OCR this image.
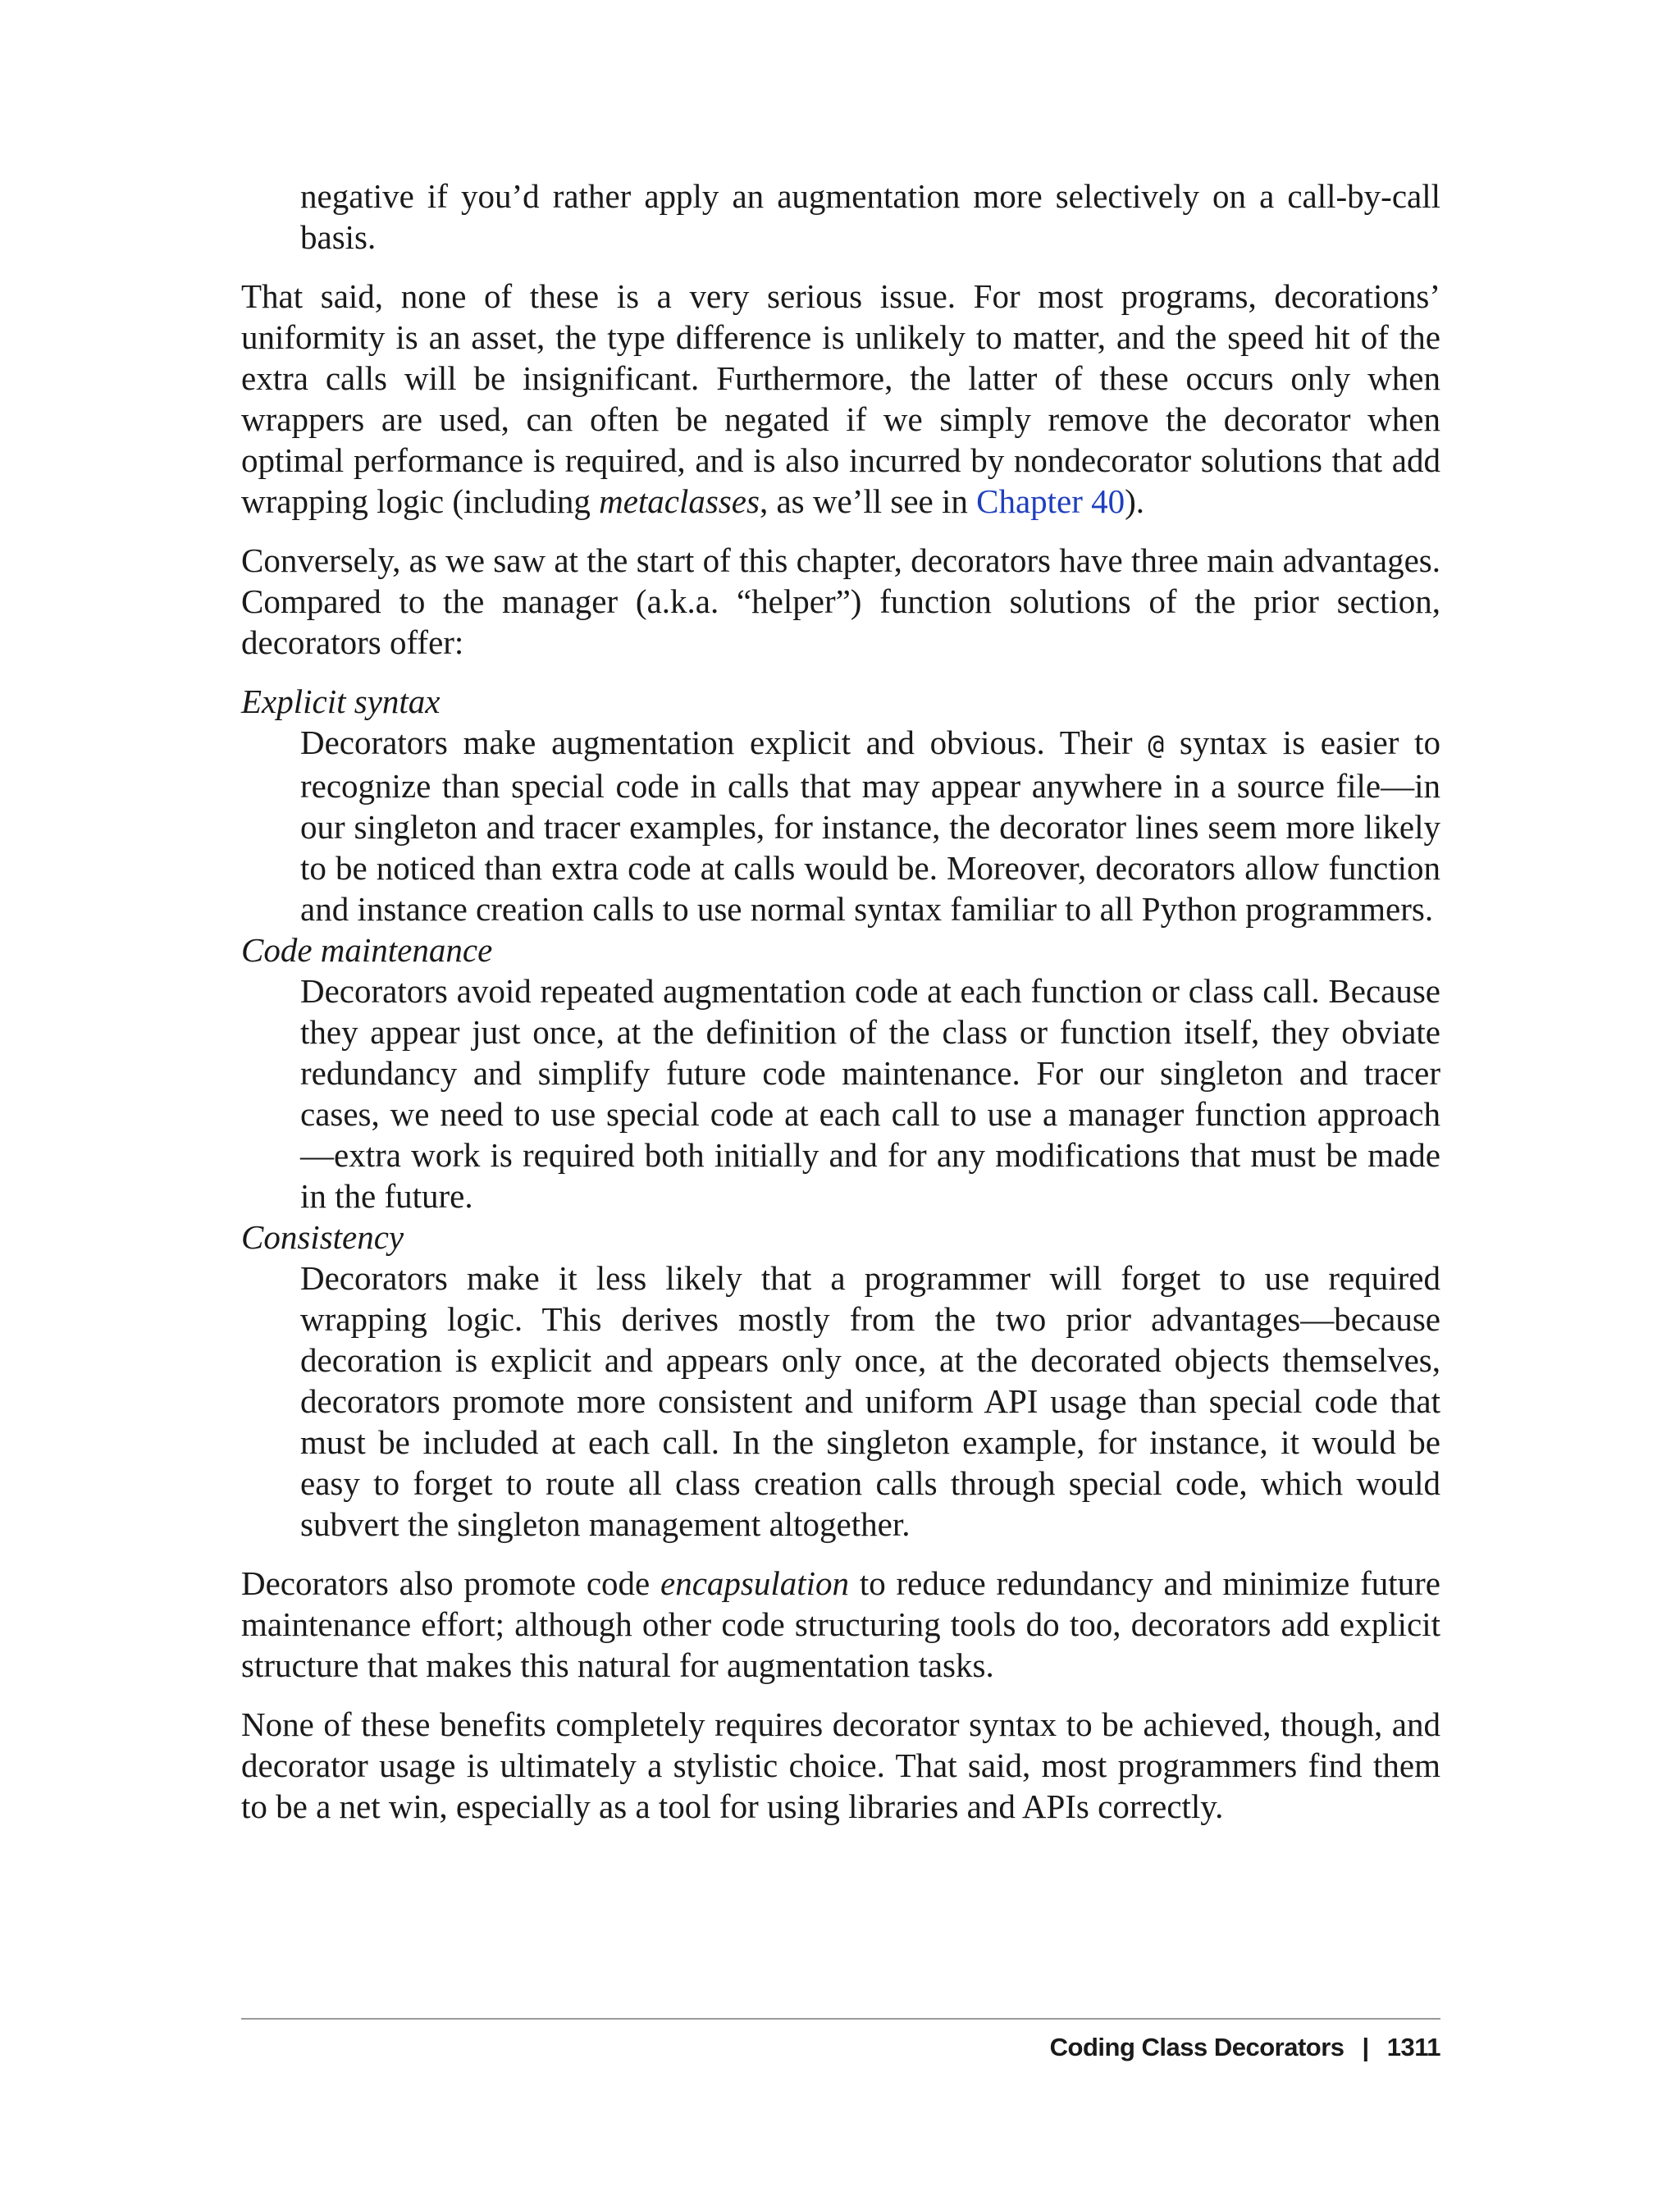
negative if you’d rather apply an augmentation more selectively on a call-by-call basis.

That said, none of these is a very serious issue. For most programs, decorations’ uniformity is an asset, the type difference is unlikely to matter, and the speed hit of the extra calls will be insignificant. Furthermore, the latter of these occurs only when wrappers are used, can often be negated if we simply remove the decorator when optimal performance is required, and is also incurred by nondecorator solutions that add wrapping logic (including metaclasses, as we’ll see in Chapter 40).

Conversely, as we saw at the start of this chapter, decorators have three main advantages. Compared to the manager (a.k.a. “helper”) function solutions of the prior section, decorators offer:

Explicit syntax

Decorators make augmentation explicit and obvious. Their @ syntax is easier to recognize than special code in calls that may appear anywhere in a source file—in our singleton and tracer examples, for instance, the decorator lines seem more likely to be noticed than extra code at calls would be. Moreover, decorators allow function and instance creation calls to use normal syntax familiar to all Python programmers.

Code maintenance

Decorators avoid repeated augmentation code at each function or class call. Because they appear just once, at the definition of the class or function itself, they obviate redundancy and simplify future code maintenance. For our singleton and tracer cases, we need to use special code at each call to use a manager function approach—extra work is required both initially and for any modifications that must be made in the future.

Consistency

Decorators make it less likely that a programmer will forget to use required wrapping logic. This derives mostly from the two prior advantages—because decoration is explicit and appears only once, at the decorated objects themselves, decorators promote more consistent and uniform API usage than special code that must be included at each call. In the singleton example, for instance, it would be easy to forget to route all class creation calls through special code, which would subvert the singleton management altogether.

Decorators also promote code encapsulation to reduce redundancy and minimize future maintenance effort; although other code structuring tools do too, decorators add explicit structure that makes this natural for augmentation tasks.

None of these benefits completely requires decorator syntax to be achieved, though, and decorator usage is ultimately a stylistic choice. That said, most programmers find them to be a net win, especially as a tool for using libraries and APIs correctly.

Coding Class Decorators | 1311
